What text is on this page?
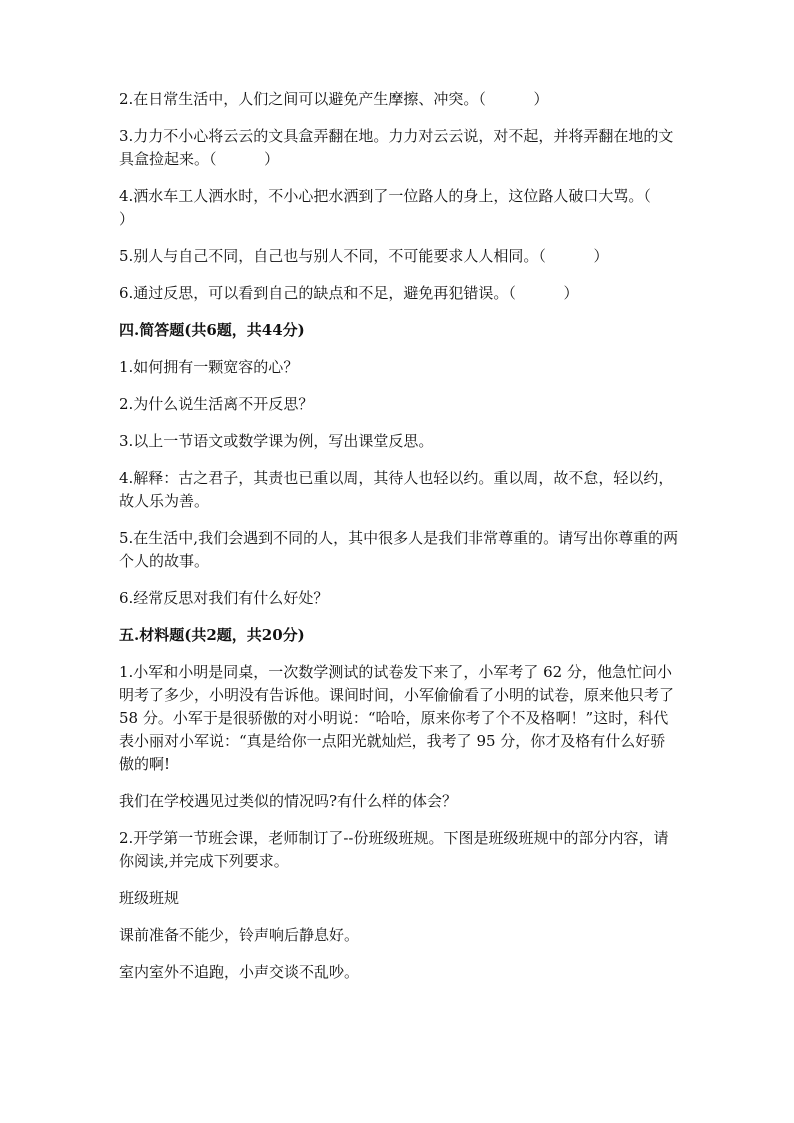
2.在日常生活中，人们之间可以避免产生摩擦、冲突。（          ）

3.力力不小心将云云的文具盒弄翻在地。力力对云云说，对不起，并将弄翻在地的文具盒捡起来。（          ）

4.洒水车工人洒水时，不小心把水洒到了一位路人的身上，这位路人破口大骂。（          ）

5.别人与自己不同，自己也与别人不同，不可能要求人人相同。（          ）

6.通过反思，可以看到自己的缺点和不足，避免再犯错误。（          ）

四.简答题(共6题，共44分)

1.如何拥有一颗宽容的心？

2.为什么说生活离不开反思？

3.以上一节语文或数学课为例，写出课堂反思。

4.解释：古之君子，其责也已重以周，其待人也轻以约。重以周，故不怠，轻以约，故人乐为善。

5.在生活中,我们会遇到不同的人，其中很多人是我们非常尊重的。请写出你尊重的两个人的故事。

6.经常反思对我们有什么好处？

五.材料题(共2题，共20分)

1.小军和小明是同桌，一次数学测试的试卷发下来了，小军考了 62 分，他急忙问小明考了多少，小明没有告诉他。课间时间，小军偷偷看了小明的试卷，原来他只考了 58 分。小军于是很骄傲的对小明说：“哈哈，原来你考了个不及格啊！”这时，科代表小丽对小军说：“真是给你一点阳光就灿烂，我考了 95 分，你才及格有什么好骄傲的啊!

我们在学校遇见过类似的情况吗?有什么样的体会？

2.开学第一节班会课，老师制订了--份班级班规。下图是班级班规中的部分内容，请你阅读,并完成下列要求。

班级班规

课前准备不能少，铃声响后静息好。

室内室外不追跑，小声交谈不乱吵。
